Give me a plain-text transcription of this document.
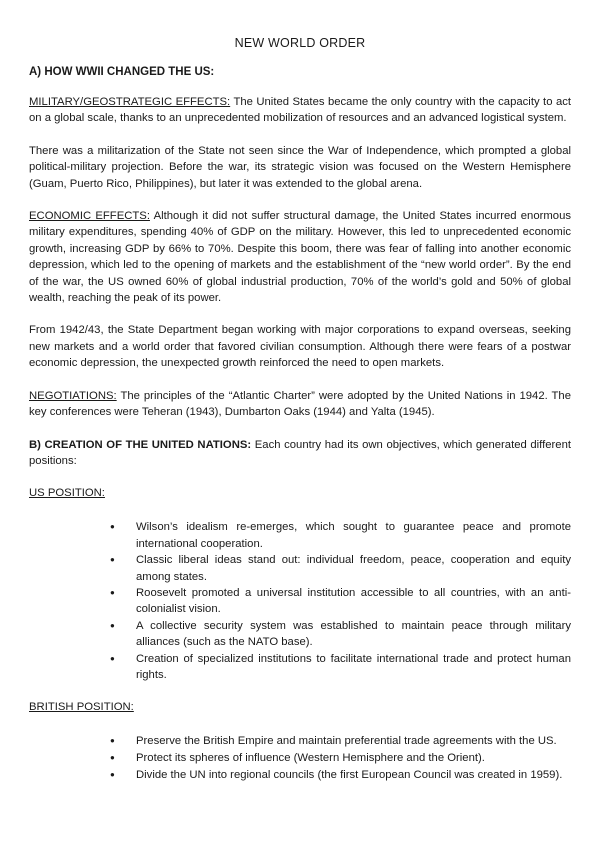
NEW WORLD ORDER
A) HOW WWII CHANGED THE US:

MILITARY/GEOSTRATEGIC EFFECTS: The United States became the only country with the capacity to act on a global scale, thanks to an unprecedented mobilization of resources and an advanced logistical system.

There was a militarization of the State not seen since the War of Independence, which prompted a global political-military projection. Before the war, its strategic vision was focused on the Western Hemisphere (Guam, Puerto Rico, Philippines), but later it was extended to the global arena.

ECONOMIC EFFECTS: Although it did not suffer structural damage, the United States incurred enormous military expenditures, spending 40% of GDP on the military. However, this led to unprecedented economic growth, increasing GDP by 66% to 70%. Despite this boom, there was fear of falling into another economic depression, which led to the opening of markets and the establishment of the “new world order”. By the end of the war, the US owned 60% of global industrial production, 70% of the world’s gold and 50% of global wealth, reaching the peak of its power.

From 1942/43, the State Department began working with major corporations to expand overseas, seeking new markets and a world order that favored civilian consumption. Although there were fears of a postwar economic depression, the unexpected growth reinforced the need to open markets.

NEGOTIATIONS: The principles of the “Atlantic Charter” were adopted by the United Nations in 1942. The key conferences were Teheran (1943), Dumbarton Oaks (1944) and Yalta (1945).

B) CREATION OF THE UNITED NATIONS: Each country had its own objectives, which generated different positions:

US POSITION:
● Wilson’s idealism re-emerges, which sought to guarantee peace and promote international cooperation.
● Classic liberal ideas stand out: individual freedom, peace, cooperation and equity among states.
● Roosevelt promoted a universal institution accessible to all countries, with an anti-colonialist vision.
● A collective security system was established to maintain peace through military alliances (such as the NATO base).
● Creation of specialized institutions to facilitate international trade and protect human rights.
BRITISH POSITION:
● Preserve the British Empire and maintain preferential trade agreements with the US.
● Protect its spheres of influence (Western Hemisphere and the Orient).
● Divide the UN into regional councils (the first European Council was created in 1959).
